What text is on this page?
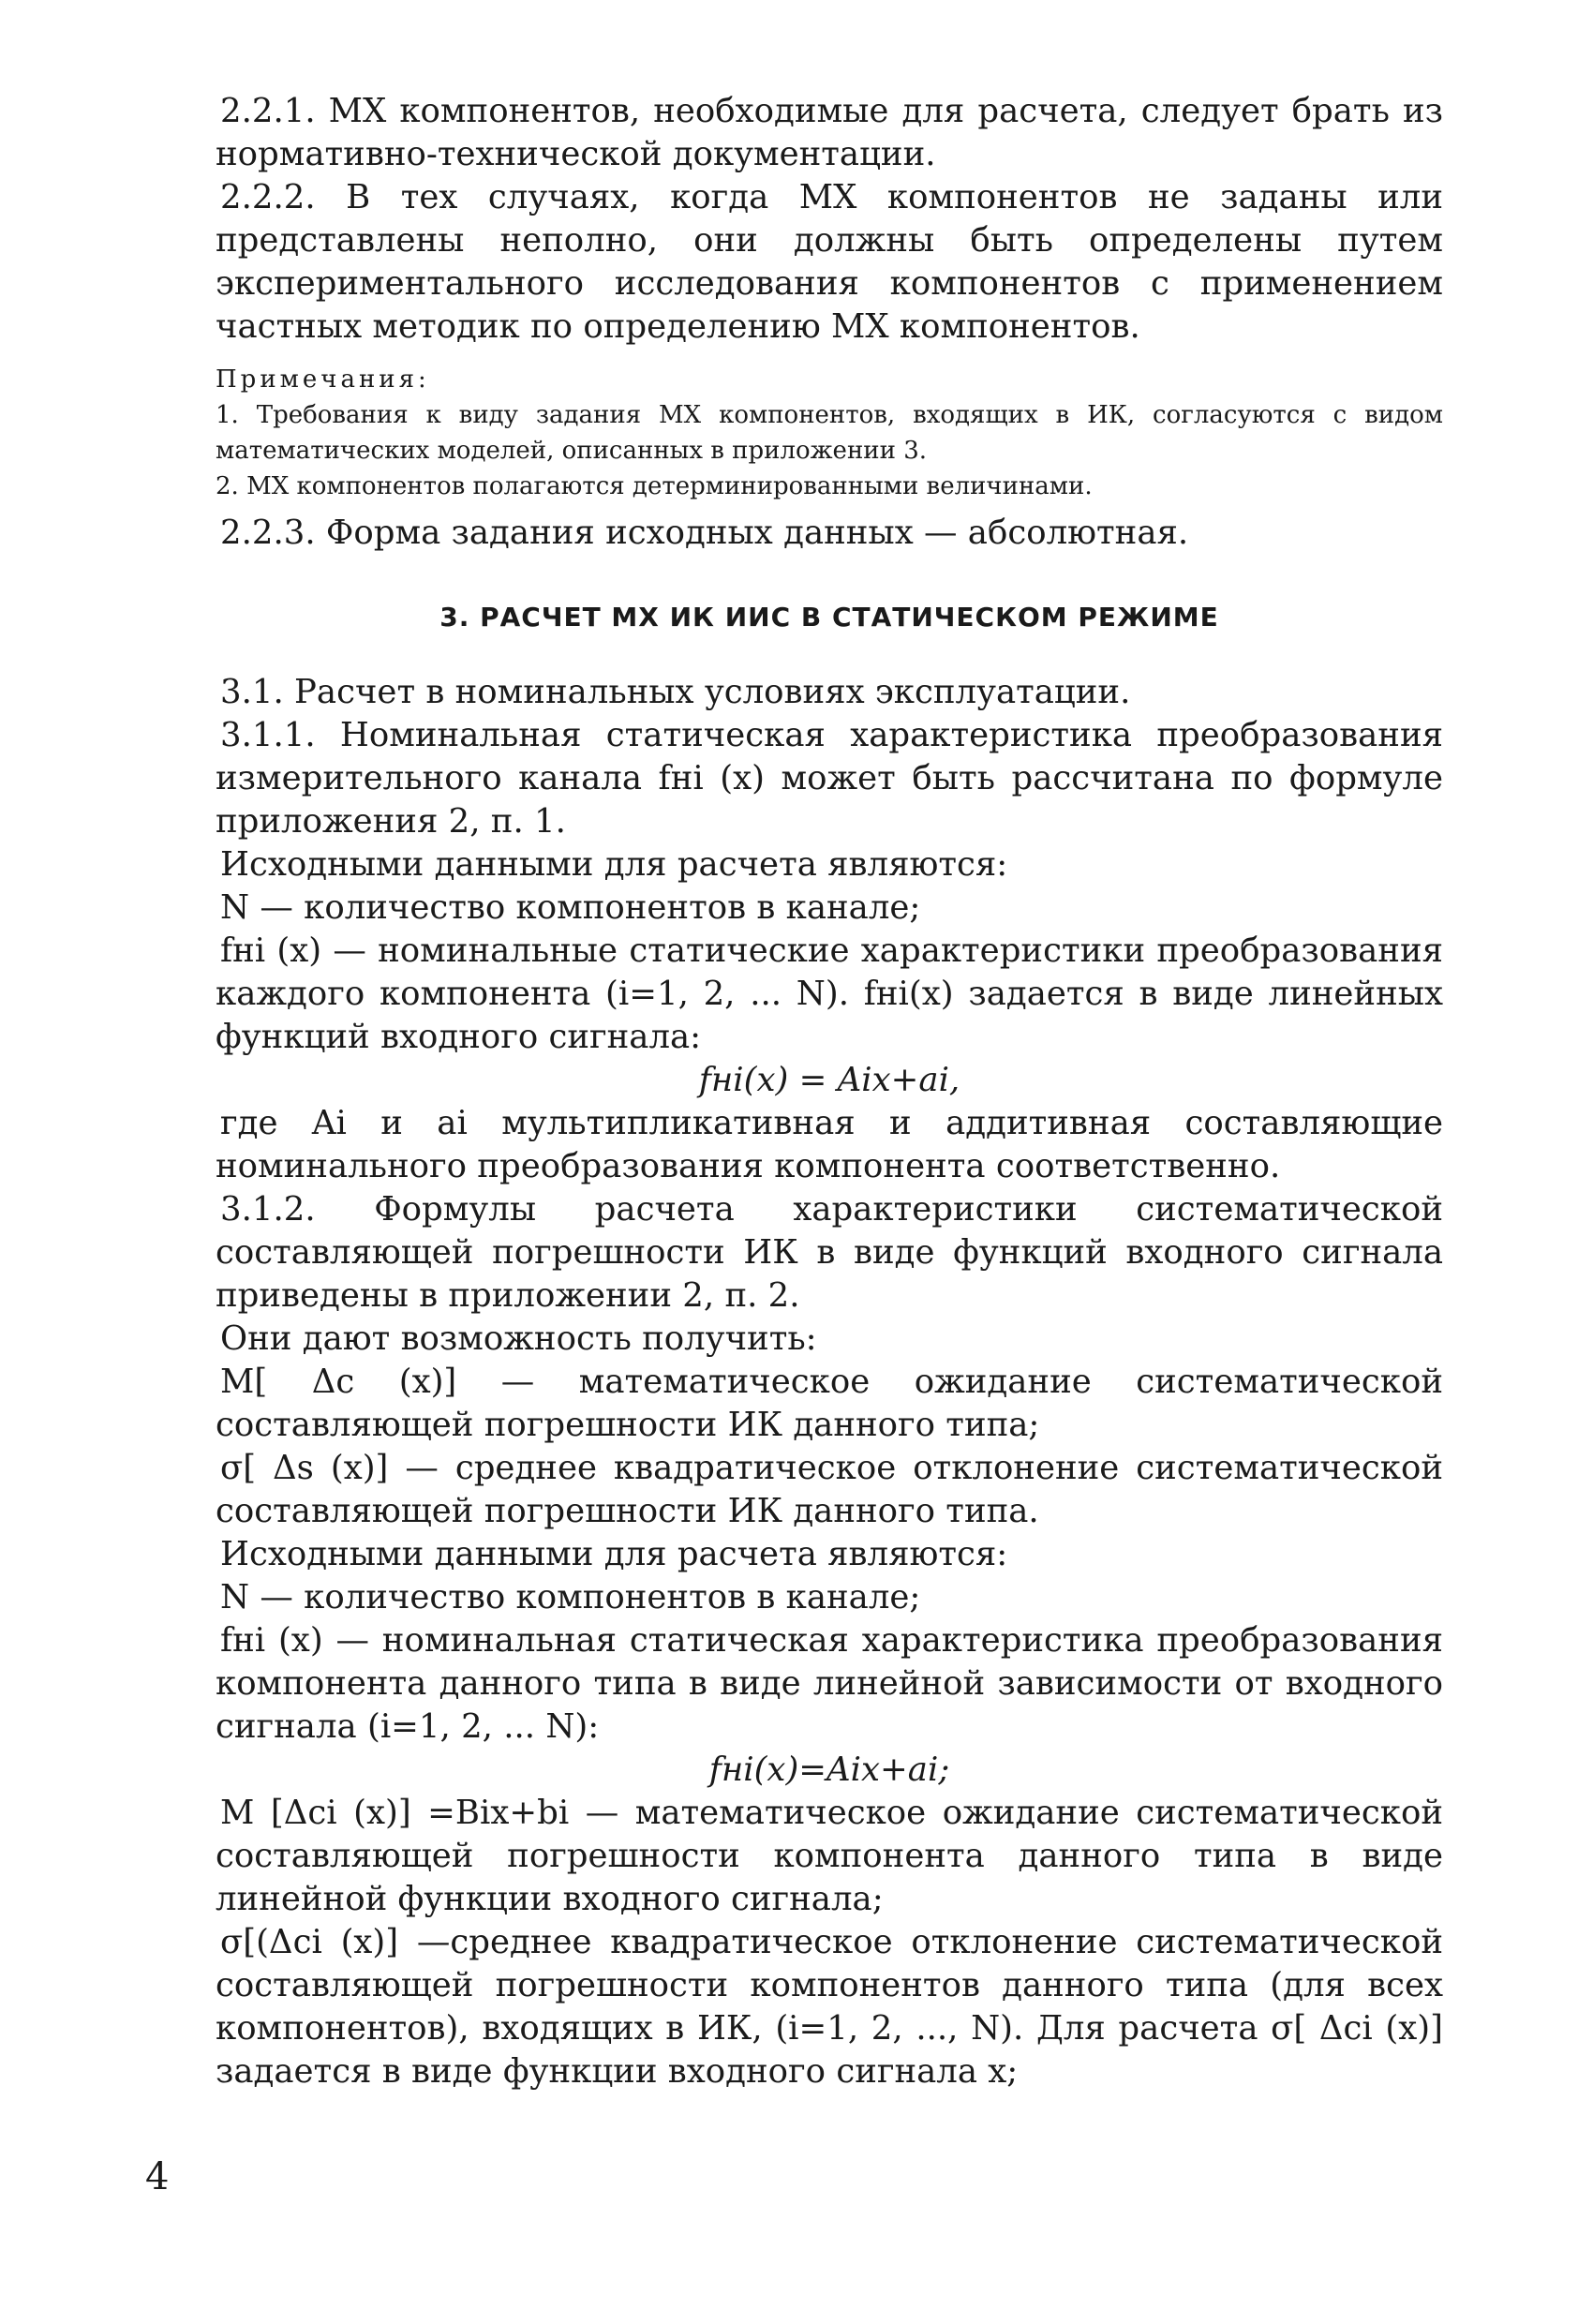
2.2.1. МХ компонентов, необходимые для расчета, следует брать из нормативно-технической документации.

2.2.2. В тех случаях, когда МХ компонентов не заданы или представлены неполно, они должны быть определены путем экспериментального исследования компонентов с применением частных методик по определению МХ компонентов.

Примечания:

1. Требования к виду задания МХ компонентов, входящих в ИК, согласуются с видом математических моделей, описанных в приложении 3.

2. МХ компонентов полагаются детерминированными величинами.

2.2.3. Форма задания исходных данных — абсолютная.

3. РАСЧЕТ МХ ИК ИИС В СТАТИЧЕСКОМ РЕЖИМЕ

3.1. Расчет в номинальных условиях эксплуатации.

3.1.1. Номинальная статическая характеристика преобразования измерительного канала fнi (x) может быть рассчитана по формуле приложения 2, п. 1.

Исходными данными для расчета являются:

N — количество компонентов в канале;

fнi (x) — номинальные статические характеристики преобразования каждого компонента (i=1, 2, ... N). fнi(x) задается в виде линейных функций входного сигнала:

fнi(x) = Aix+ai,

где Ai и ai мультипликативная и аддитивная составляющие номинального преобразования компонента соответственно.

3.1.2. Формулы расчета характеристики систематической составляющей погрешности ИК в виде функций входного сигнала приведены в приложении 2, п. 2.

Они дают возможность получить:

M[ Δс (x)] — математическое ожидание систематической составляющей погрешности ИК данного типа;

σ[ Δs (x)] — среднее квадратическое отклонение систематической составляющей погрешности ИК данного типа.

Исходными данными для расчета являются:

N — количество компонентов в канале;

fнi (x) — номинальная статическая характеристика преобразования компонента данного типа в виде линейной зависимости от входного сигнала (i=1, 2, ... N):

fнi(x)=Aix+ai;

M [Δci (x)] =Bix+bi — математическое ожидание систематической составляющей погрешности компонента данного типа в виде линейной функции входного сигнала;

σ[(Δci (x)] —среднее квадратическое отклонение систематической составляющей погрешности компонентов данного типа (для всех компонентов), входящих в ИК, (i=1, 2, ..., N). Для расчета σ[ Δci (x)] задается в виде функции входного сигнала x;

4
